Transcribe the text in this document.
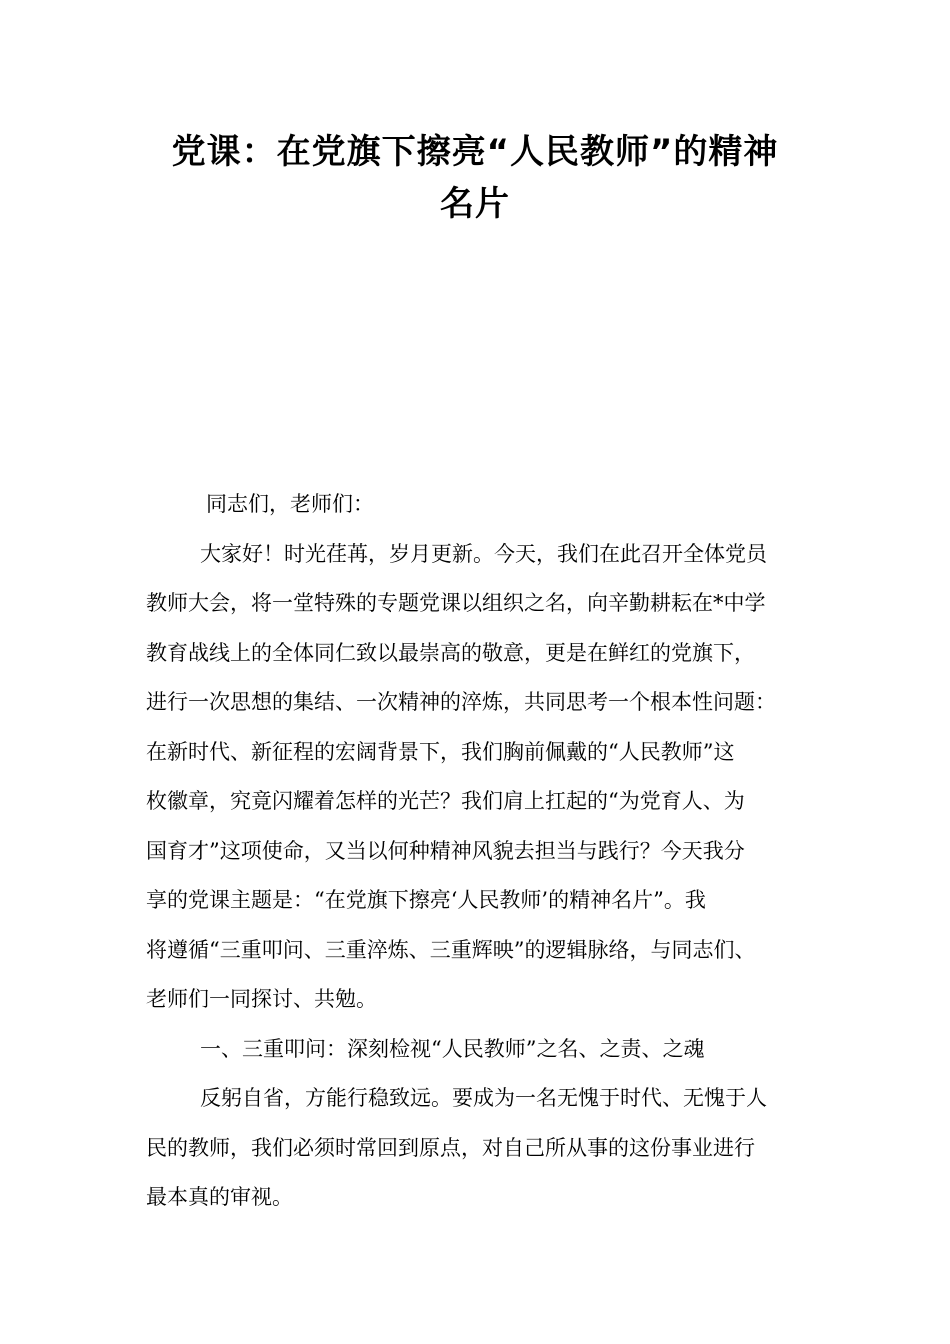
党课：在党旗下擦亮“人民教师”的精神
名片
同志们，老师们：
大家好！时光荏苒，岁月更新。今天，我们在此召开全体党员
教师大会，将一堂特殊的专题党课以组织之名，向辛勤耕耘在*中学
教育战线上的全体同仁致以最崇高的敬意，更是在鲜红的党旗下，
进行一次思想的集结、一次精神的淬炼，共同思考一个根本性问题：
在新时代、新征程的宏阔背景下，我们胸前佩戴的“人民教师”这
枚徽章，究竟闪耀着怎样的光芒？我们肩上扛起的“为党育人、为
国育才”这项使命，又当以何种精神风貌去担当与践行？今天我分
享的党课主题是：“在党旗下擦亮‘人民教师’的精神名片”。我
将遵循“三重叩问、三重淬炼、三重辉映”的逻辑脉络，与同志们、
老师们一同探讨、共勉。
一、三重叩问：深刻检视“人民教师”之名、之责、之魂
反躬自省，方能行稳致远。要成为一名无愧于时代、无愧于人
民的教师，我们必须时常回到原点，对自己所从事的这份事业进行
最本真的审视。
